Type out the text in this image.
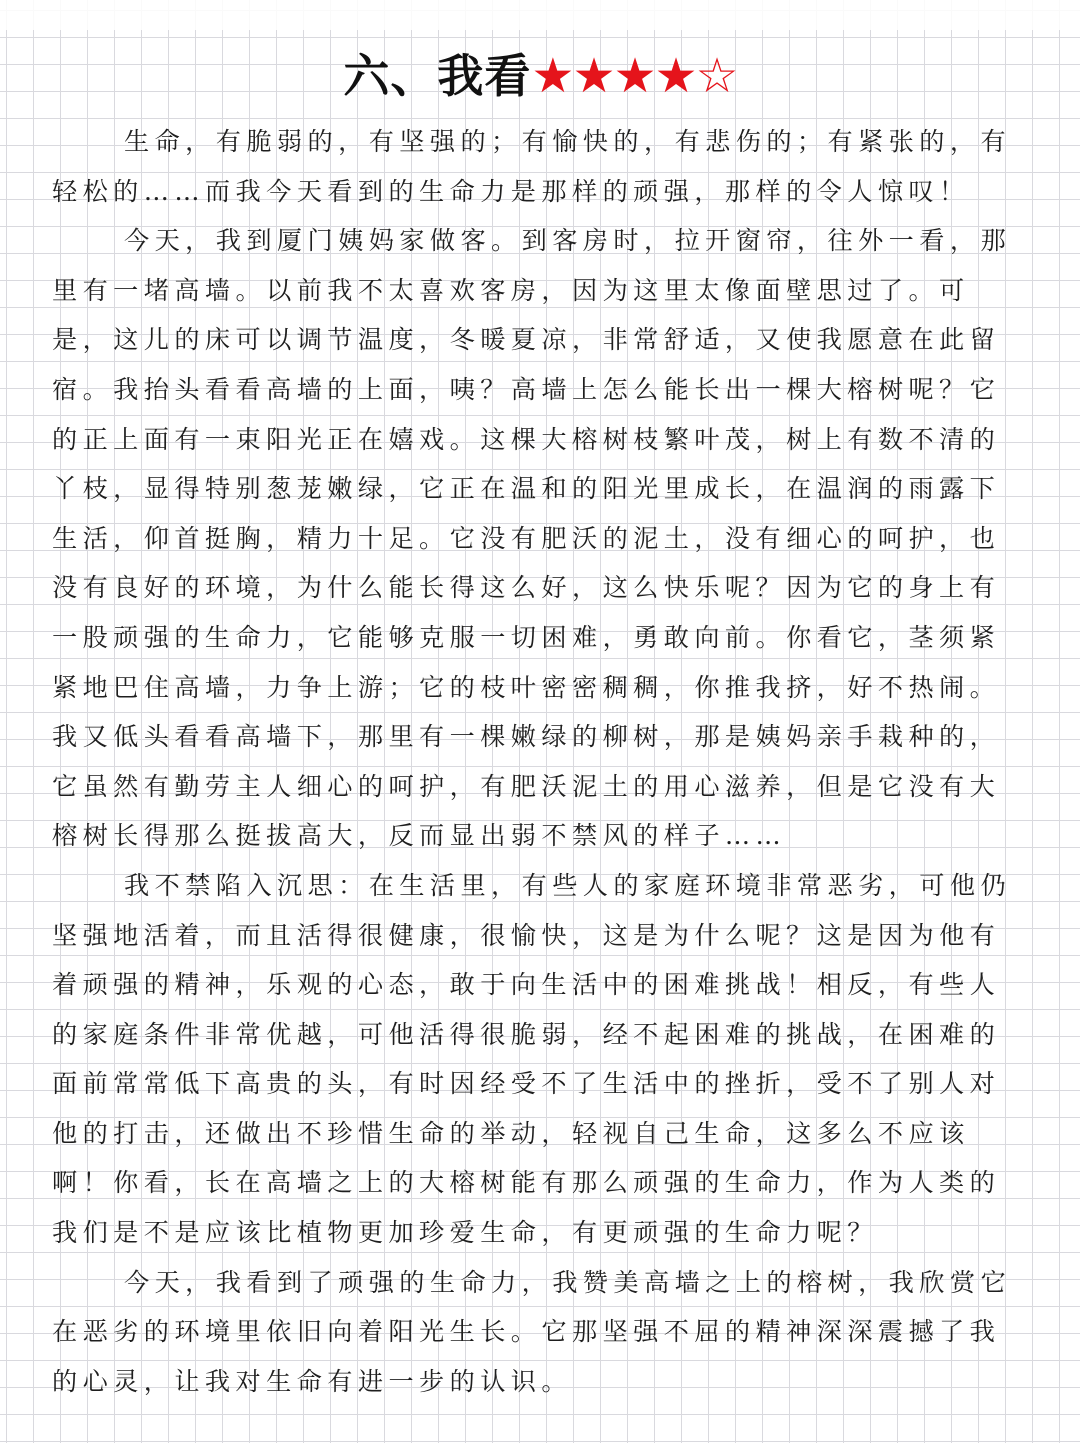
六、我看★★★★☆

生命，有脆弱的，有坚强的；有愉快的，有悲伤的；有紧张的，有轻松的……而我今天看到的生命力是那样的顽强，那样的令人惊叹！

今天，我到厦门姨妈家做客。到客房时，拉开窗帘，往外一看，那里有一堵高墙。以前我不太喜欢客房，因为这里太像面壁思过了。可是，这儿的床可以调节温度，冬暖夏凉，非常舒适，又使我愿意在此留宿。我抬头看看高墙的上面，咦？高墙上怎么能长出一棵大榕树呢？它的正上面有一束阳光正在嬉戏。这棵大榕树枝繁叶茂，树上有数不清的丫枝，显得特别葱茏嫩绿，它正在温和的阳光里成长，在温润的雨露下生活，仰首挺胸，精力十足。它没有肥沃的泥土，没有细心的呵护，也没有良好的环境，为什么能长得这么好，这么快乐呢？因为它的身上有一股顽强的生命力，它能够克服一切困难，勇敢向前。你看它，茎须紧紧地巴住高墙，力争上游；它的枝叶密密稠稠，你推我挤，好不热闹。我又低头看看高墙下，那里有一棵嫩绿的柳树，那是姨妈亲手栽种的，它虽然有勤劳主人细心的呵护，有肥沃泥土的用心滋养，但是它没有大榕树长得那么挺拔高大，反而显出弱不禁风的样子……

我不禁陷入沉思：在生活里，有些人的家庭环境非常恶劣，可他仍坚强地活着，而且活得很健康，很愉快，这是为什么呢？这是因为他有着顽强的精神，乐观的心态，敢于向生活中的困难挑战！相反，有些人的家庭条件非常优越，可他活得很脆弱，经不起困难的挑战，在困难的面前常常低下高贵的头，有时因经受不了生活中的挫折，受不了别人对他的打击，还做出不珍惜生命的举动，轻视自己生命，这多么不应该啊！你看，长在高墙之上的大榕树能有那么顽强的生命力，作为人类的我们是不是应该比植物更加珍爱生命，有更顽强的生命力呢？

今天，我看到了顽强的生命力，我赞美高墙之上的榕树，我欣赏它在恶劣的环境里依旧向着阳光生长。它那坚强不屈的精神深深震撼了我的心灵，让我对生命有进一步的认识。
